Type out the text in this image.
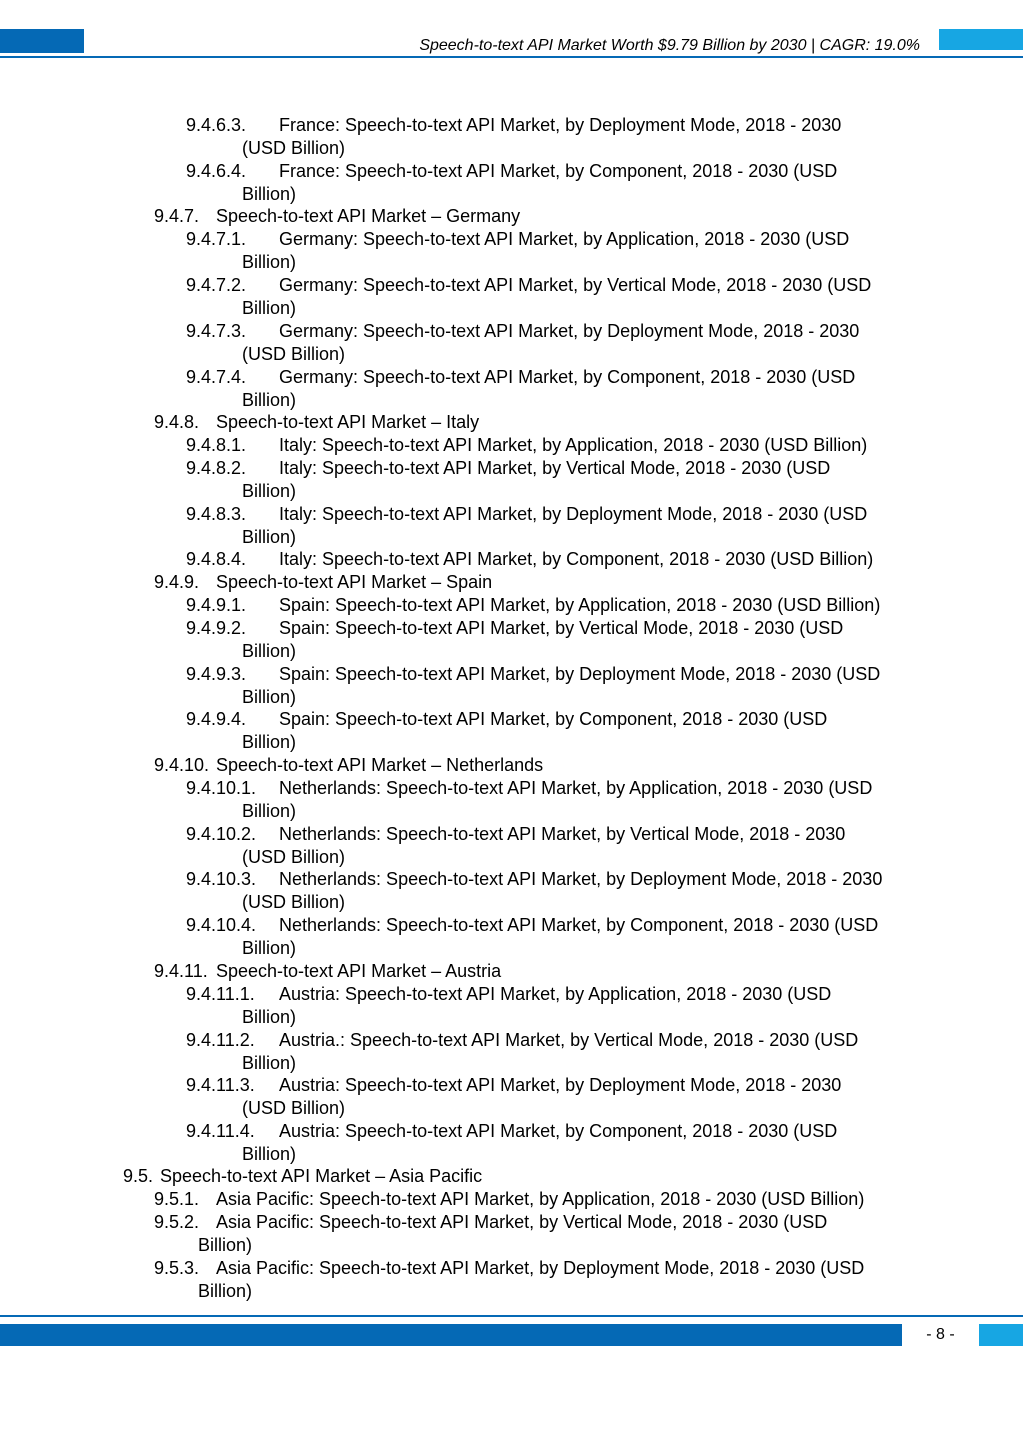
Speech-to-text API Market Worth $9.79 Billion by 2030 | CAGR: 19.0%
9.4.6.3. France: Speech-to-text API Market, by Deployment Mode, 2018 - 2030
(USD Billion)
9.4.6.4. France: Speech-to-text API Market, by Component, 2018 - 2030 (USD
Billion)
9.4.7. Speech-to-text API Market – Germany
9.4.7.1. Germany: Speech-to-text API Market, by Application, 2018 - 2030 (USD
Billion)
9.4.7.2. Germany: Speech-to-text API Market, by Vertical Mode, 2018 - 2030 (USD
Billion)
9.4.7.3. Germany: Speech-to-text API Market, by Deployment Mode, 2018 - 2030
(USD Billion)
9.4.7.4. Germany: Speech-to-text API Market, by Component, 2018 - 2030 (USD
Billion)
9.4.8. Speech-to-text API Market – Italy
9.4.8.1. Italy: Speech-to-text API Market, by Application, 2018 - 2030 (USD Billion)
9.4.8.2. Italy: Speech-to-text API Market, by Vertical Mode, 2018 - 2030 (USD
Billion)
9.4.8.3. Italy: Speech-to-text API Market, by Deployment Mode, 2018 - 2030 (USD
Billion)
9.4.8.4. Italy: Speech-to-text API Market, by Component, 2018 - 2030 (USD Billion)
9.4.9. Speech-to-text API Market – Spain
9.4.9.1. Spain: Speech-to-text API Market, by Application, 2018 - 2030 (USD Billion)
9.4.9.2. Spain: Speech-to-text API Market, by Vertical Mode, 2018 - 2030 (USD
Billion)
9.4.9.3. Spain: Speech-to-text API Market, by Deployment Mode, 2018 - 2030 (USD
Billion)
9.4.9.4. Spain: Speech-to-text API Market, by Component, 2018 - 2030 (USD
Billion)
9.4.10. Speech-to-text API Market – Netherlands
9.4.10.1. Netherlands: Speech-to-text API Market, by Application, 2018 - 2030 (USD
Billion)
9.4.10.2. Netherlands: Speech-to-text API Market, by Vertical Mode, 2018 - 2030
(USD Billion)
9.4.10.3. Netherlands: Speech-to-text API Market, by Deployment Mode, 2018 - 2030
(USD Billion)
9.4.10.4. Netherlands: Speech-to-text API Market, by Component, 2018 - 2030 (USD
Billion)
9.4.11. Speech-to-text API Market – Austria
9.4.11.1. Austria: Speech-to-text API Market, by Application, 2018 - 2030 (USD
Billion)
9.4.11.2. Austria.: Speech-to-text API Market, by Vertical Mode, 2018 - 2030 (USD
Billion)
9.4.11.3. Austria: Speech-to-text API Market, by Deployment Mode, 2018 - 2030
(USD Billion)
9.4.11.4. Austria: Speech-to-text API Market, by Component, 2018 - 2030 (USD
Billion)
9.5. Speech-to-text API Market – Asia Pacific
9.5.1. Asia Pacific: Speech-to-text API Market, by Application, 2018 - 2030 (USD Billion)
9.5.2. Asia Pacific: Speech-to-text API Market, by Vertical Mode, 2018 - 2030 (USD
Billion)
9.5.3. Asia Pacific: Speech-to-text API Market, by Deployment Mode, 2018 - 2030 (USD
Billion)
- 8 -
